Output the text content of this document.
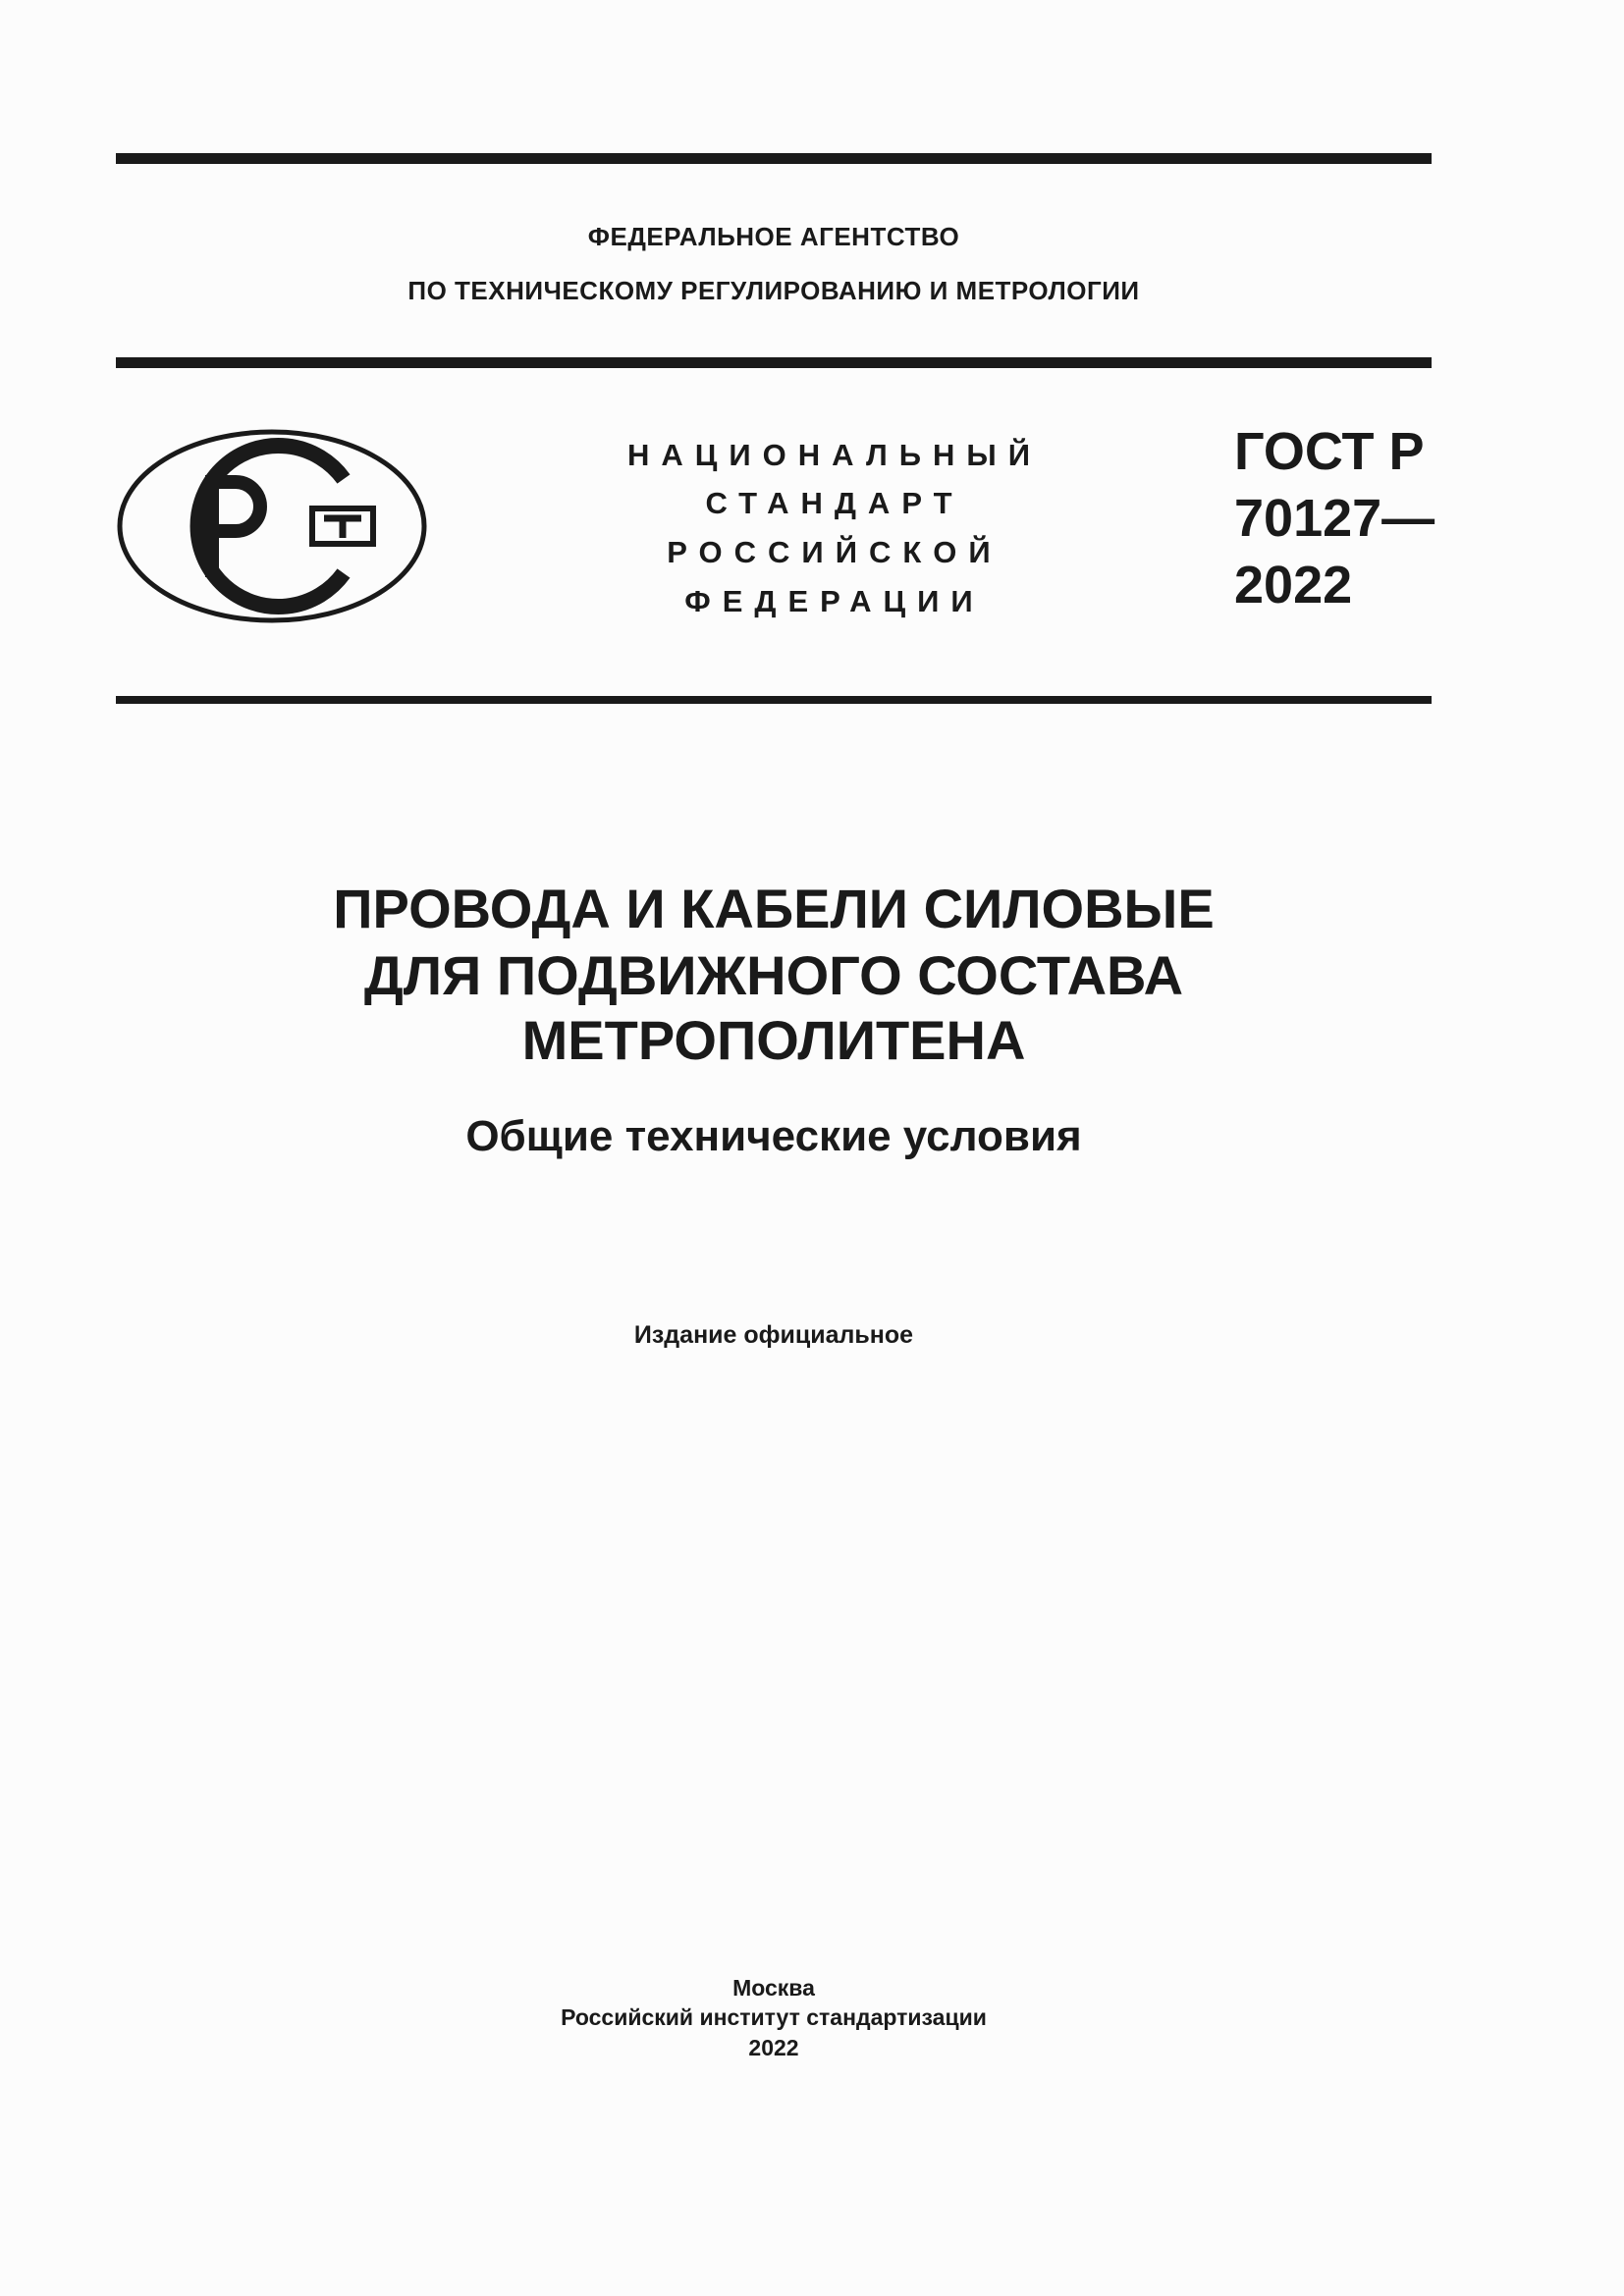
ФЕДЕРАЛЬНОЕ АГЕНТСТВО
ПО ТЕХНИЧЕСКОМУ РЕГУЛИРОВАНИЮ И МЕТРОЛОГИИ
НАЦИОНАЛЬНЫЙ
СТАНДАРТ
РОССИЙСКОЙ
ФЕДЕРАЦИИ
ГОСТ Р
70127—
2022
ПРОВОДА И КАБЕЛИ СИЛОВЫЕ
ДЛЯ ПОДВИЖНОГО СОСТАВА
МЕТРОПОЛИТЕНА
Общие технические условия
Издание официальное
Москва
Российский институт стандартизации
2022
